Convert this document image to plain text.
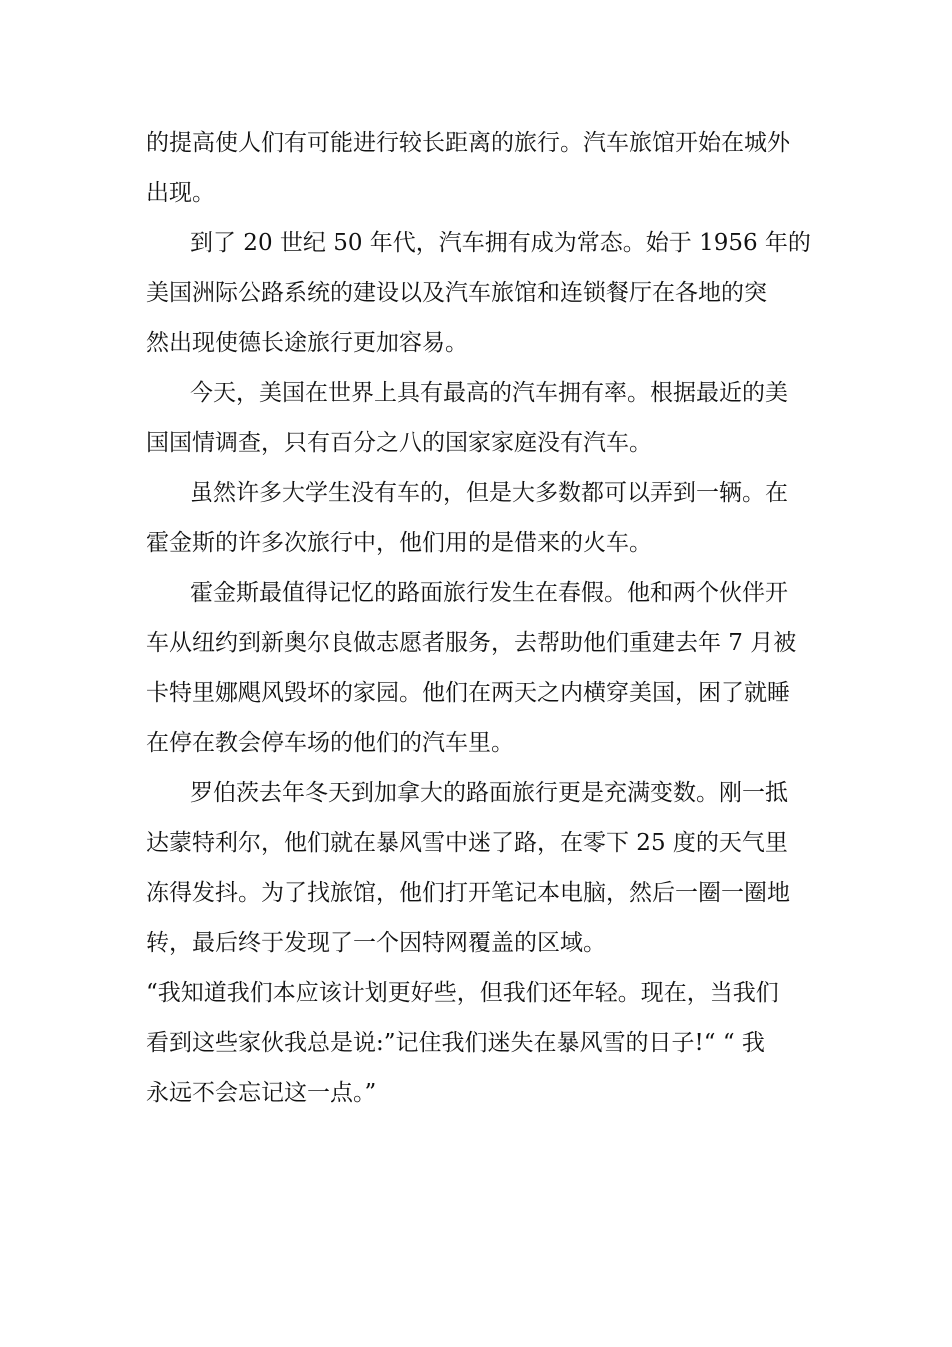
的提高使人们有可能进行较长距离的旅行。汽车旅馆开始在城外
出现。
到了 20 世纪 50 年代，汽车拥有成为常态。始于 1956 年的
美国洲际公路系统的建设以及汽车旅馆和连锁餐厅在各地的突
然出现使德长途旅行更加容易。
今天，美国在世界上具有最高的汽车拥有率。根据最近的美
国国情调查，只有百分之八的国家家庭没有汽车。
虽然许多大学生没有车的，但是大多数都可以弄到一辆。在
霍金斯的许多次旅行中，他们用的是借来的火车。
霍金斯最值得记忆的路面旅行发生在春假。他和两个伙伴开
车从纽约到新奥尔良做志愿者服务，去帮助他们重建去年 7 月被
卡特里娜飓风毁坏的家园。他们在两天之内横穿美国，困了就睡
在停在教会停车场的他们的汽车里。
罗伯茨去年冬天到加拿大的路面旅行更是充满变数。刚一抵
达蒙特利尔，他们就在暴风雪中迷了路，在零下 25 度的天气里
冻得发抖。为了找旅馆，他们打开笔记本电脑，然后一圈一圈地
转，最后终于发现了一个因特网覆盖的区域。
“我知道我们本应该计划更好些，但我们还年轻。现在，当我们
看到这些家伙我总是说:”记住我们迷失在暴风雪的日子!“ “ 我
永远不会忘记这一点。”
